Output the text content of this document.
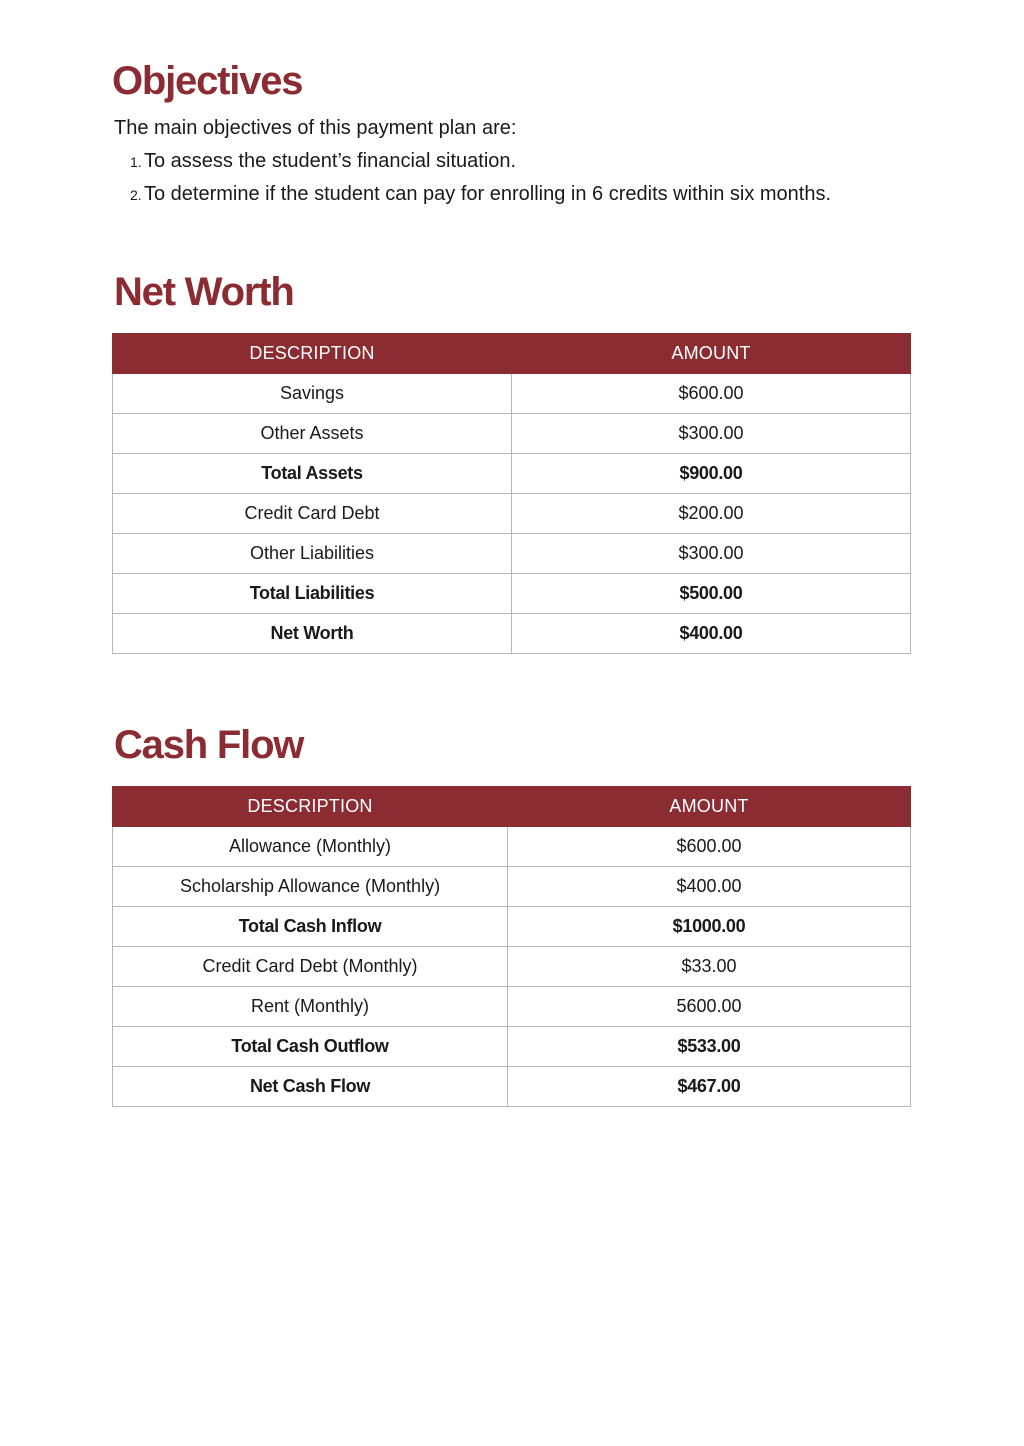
Objectives

The main objectives of this payment plan are:

1. To assess the student’s financial situation.
2. To determine if the student can pay for enrolling in 6 credits within six months.
Net Worth
DESCRIPTION	AMOUNT
Savings	$600.00
Other Assets	$300.00
Total Assets	$900.00
Credit Card Debt	$200.00
Other Liabilities	$300.00
Total Liabilities	$500.00
Net Worth	$400.00
Cash Flow
DESCRIPTION	AMOUNT
Allowance (Monthly)	$600.00
Scholarship Allowance (Monthly)	$400.00
Total Cash Inflow	$1000.00
Credit Card Debt (Monthly)	$33.00
Rent (Monthly)	5600.00
Total Cash Outflow	$533.00
Net Cash Flow	$467.00
